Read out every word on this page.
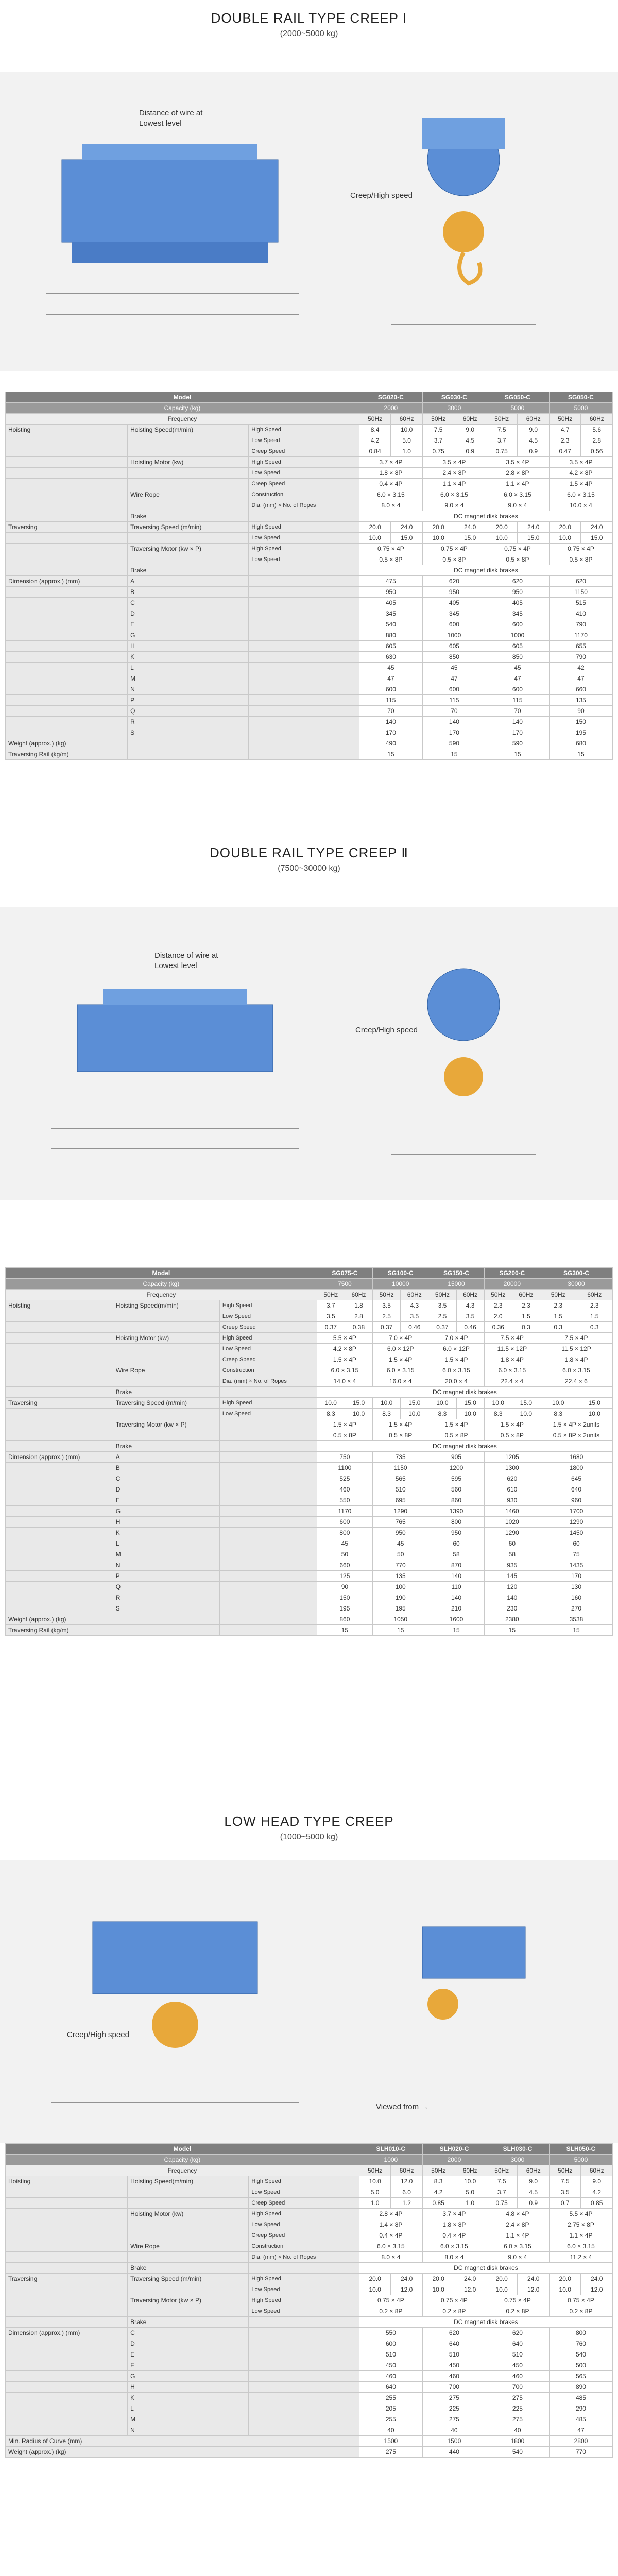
DOUBLE RAIL TYPE CREEP Ⅰ
(2000~5000 kg)
Distance of wire at Lowest level
Creep/High speed
Model			SG020-C		SG030-C		SG050-C		SG050-C	
Capacity (kg)			2000		3000		5000		5000	
Frequency			50Hz	60Hz	50Hz	60Hz	50Hz	60Hz	50Hz	60Hz
Hoisting	Hoisting Speed(m/min)	High Speed	8.4	10.0	7.5	9.0	7.5	9.0	4.7	5.6
		Low Speed	4.2	5.0	3.7	4.5	3.7	4.5	2.3	2.8
		Creep Speed	0.84	1.0	0.75	0.9	0.75	0.9	0.47	0.56
	Hoisting Motor (kw)	High Speed	3.7 × 4P		3.5 × 4P		3.5 × 4P		3.5 × 4P	
		Low Speed	1.8 × 8P		2.4 × 8P		2.8 × 8P		4.2 × 8P	
		Creep Speed	0.4 × 4P		1.1 × 4P		1.1 × 4P		1.5 × 4P	
	Wire Rope	Construction	6.0 × 3.15		6.0 × 3.15		6.0 × 3.15		6.0 × 3.15	
		Dia. (mm) × No. of Ropes	8.0 × 4		9.0 × 4		9.0 × 4		10.0 × 4	
	Brake		DC magnet disk brakes							
Traversing	Traversing Speed (m/min)	High Speed	20.0	24.0	20.0	24.0	20.0	24.0	20.0	24.0
		Low Speed	10.0	15.0	10.0	15.0	10.0	15.0	10.0	15.0
	Traversing Motor (kw × P)	High Speed	0.75 × 4P		0.75 × 4P		0.75 × 4P		0.75 × 4P	
		Low Speed	0.5 × 8P		0.5 × 8P		0.5 × 8P		0.5 × 8P	
	Brake		DC magnet disk brakes							
Dimension (approx.) (mm)	A		475		620		620		620	
	B		950		950		950		1150	
	C		405		405		405		515	
	D		345		345		345		410	
	E		540		600		600		790	
	G		880		1000		1000		1170	
	H		605		605		605		655	
	K		630		850		850		790	
	L		45		45		45		42	
	M		47		47		47		47	
	N		600		600		600		660	
	P		115		115		115		135	
	Q		70		70		70		90	
	R		140		140		140		150	
	S		170		170		170		195	
Weight (approx.) (kg)			490		590		590		680	
Traversing Rail (kg/m)			15		15		15		15	
DOUBLE RAIL TYPE CREEP Ⅱ
(7500~30000 kg)
Distance of wire at Lowest level
Creep/High speed
Model			SG075-C		SG100-C		SG150-C		SG200-C		SG300-C	
Capacity (kg)			7500		10000		15000		20000		30000	
Frequency			50Hz	60Hz	50Hz	60Hz	50Hz	60Hz	50Hz	60Hz	50Hz	60Hz
Hoisting	Hoisting Speed(m/min)	High Speed	3.7	1.8	3.5	4.3	3.5	4.3	2.3	2.3	2.3	2.3
		Low Speed	3.5	2.8	2.5	3.5	2.5	3.5	2.0	1.5	1.5	1.5
		Creep Speed	0.37	0.38	0.37	0.46	0.37	0.46	0.36	0.3	0.3	0.3
	Hoisting Motor (kw)	High Speed	5.5 × 4P		7.0 × 4P		7.0 × 4P		7.5 × 4P		7.5 × 4P	
		Low Speed	4.2 × 8P		6.0 × 12P		6.0 × 12P		11.5 × 12P		11.5 × 12P	
		Creep Speed	1.5 × 4P		1.5 × 4P		1.5 × 4P		1.8 × 4P		1.8 × 4P	
	Wire Rope	Construction	6.0 × 3.15		6.0 × 3.15		6.0 × 3.15		6.0 × 3.15		6.0 × 3.15	
		Dia. (mm) × No. of Ropes	14.0 × 4		16.0 × 4		20.0 × 4		22.4 × 4		22.4 × 6	
	Brake		DC magnet disk brakes									
Traversing	Traversing Speed (m/min)	High Speed	10.0	15.0	10.0	15.0	10.0	15.0	10.0	15.0	10.0	15.0
		Low Speed	8.3	10.0	8.3	10.0	8.3	10.0	8.3	10.0	8.3	10.0
	Traversing Motor (kw × P)		1.5 × 4P		1.5 × 4P		1.5 × 4P		1.5 × 4P		1.5 × 4P × 2units	
			0.5 × 8P		0.5 × 8P		0.5 × 8P		0.5 × 8P		0.5 × 8P × 2units	
	Brake		DC magnet disk brakes									
Dimension (approx.) (mm)	A		750		735		905		1205		1680	
	B		1100		1150		1200		1300		1800	
	C		525		565		595		620		645	
	D		460		510		560		610		640	
	E		550		695		860		930		960	
	G		1170		1290		1390		1460		1700	
	H		600		765		800		1020		1290	
	K		800		950		950		1290		1450	
	L		45		45		60		60		60	
	M		50		50		58		58		75	
	N		660		770		870		935		1435	
	P		125		135		140		145		170	
	Q		90		100		110		120		130	
	R		150		190		140		140		160	
	S		195		195		210		230		270	
Weight (approx.) (kg)			860		1050		1600		2380		3538	
Traversing Rail (kg/m)			15		15		15		15		15	
LOW HEAD TYPE CREEP
(1000~5000 kg)
Creep/High speed
Viewed from →
Model			SLH010-C		SLH020-C		SLH030-C		SLH050-C	
Capacity (kg)			1000		2000		3000		5000	
Frequency			50Hz	60Hz	50Hz	60Hz	50Hz	60Hz	50Hz	60Hz
Hoisting	Hoisting Speed(m/min)	High Speed	10.0	12.0	8.3	10.0	7.5	9.0	7.5	9.0
		Low Speed	5.0	6.0	4.2	5.0	3.7	4.5	3.5	4.2
		Creep Speed	1.0	1.2	0.85	1.0	0.75	0.9	0.7	0.85
	Hoisting Motor (kw)	High Speed	2.8 × 4P		3.7 × 4P		4.8 × 4P		5.5 × 4P	
		Low Speed	1.4 × 8P		1.8 × 8P		2.4 × 8P		2.75 × 8P	
		Creep Speed	0.4 × 4P		0.4 × 4P		1.1 × 4P		1.1 × 4P	
	Wire Rope	Construction	6.0 × 3.15		6.0 × 3.15		6.0 × 3.15		6.0 × 3.15	
		Dia. (mm) × No. of Ropes	8.0 × 4		8.0 × 4		9.0 × 4		11.2 × 4	
	Brake		DC magnet disk brakes							
Traversing	Traversing Speed (m/min)	High Speed	20.0	24.0	20.0	24.0	20.0	24.0	20.0	24.0
		Low Speed	10.0	12.0	10.0	12.0	10.0	12.0	10.0	12.0
	Traversing Motor (kw × P)	High Speed	0.75 × 4P		0.75 × 4P		0.75 × 4P		0.75 × 4P	
		Low Speed	0.2 × 8P		0.2 × 8P		0.2 × 8P		0.2 × 8P	
	Brake		DC magnet disk brakes							
Dimension (approx.) (mm)	C		550		620		620		800	
	D		600		640		640		760	
	E		510		510		510		540	
	F		450		450		450		500	
	G		460		460		460		565	
	H		640		700		700		890	
	K		255		275		275		485	
	L		205		225		225		290	
	M		255		275		275		485	
	N		40		40		40		47	
Min. Radius of Curve (mm)			1500		1500		1800		2800	
Weight (approx.) (kg)			275		440		540		770	
